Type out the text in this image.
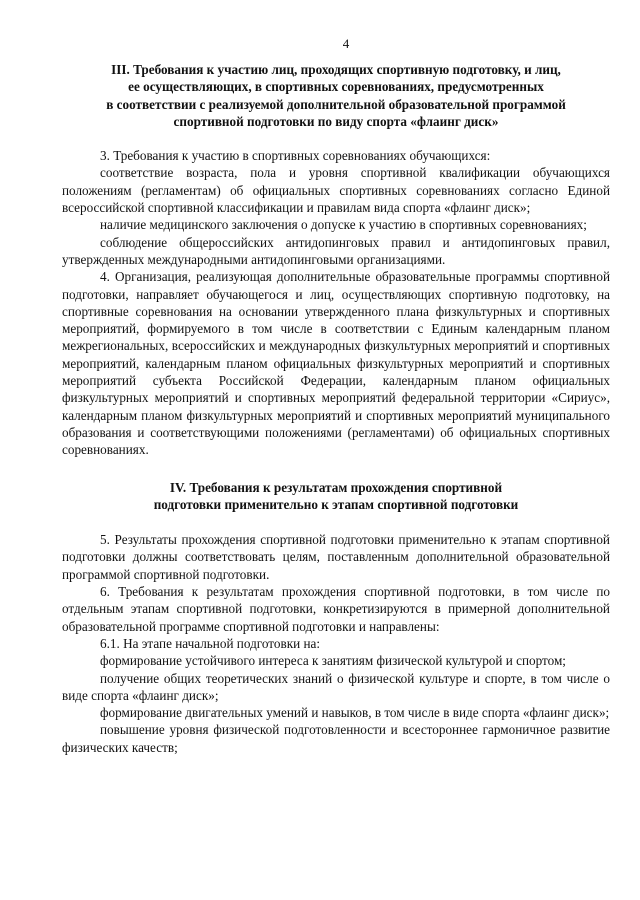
4
III. Требования к участию лиц, проходящих спортивную подготовку, и лиц,
ее осуществляющих, в спортивных соревнованиях, предусмотренных
в соответствии с реализуемой дополнительной образовательной программой
спортивной подготовки по виду спорта «флаинг диск»

3. Требования к участию в спортивных соревнованиях обучающихся:

соответствие возраста, пола и уровня спортивной квалификации обучающихся положениям (регламентам) об официальных спортивных соревнованиях согласно Единой всероссийской спортивной классификации и правилам вида спорта «флаинг диск»;

наличие медицинского заключения о допуске к участию в спортивных соревнованиях;

соблюдение общероссийских антидопинговых правил и антидопинговых правил, утвержденных международными антидопинговыми организациями.

4. Организация, реализующая дополнительные образовательные программы спортивной подготовки, направляет обучающегося и лиц, осуществляющих спортивную подготовку, на спортивные соревнования на основании утвержденного плана физкультурных и спортивных мероприятий, формируемого в том числе в соответствии с Единым календарным планом межрегиональных, всероссийских и международных физкультурных мероприятий и спортивных мероприятий, календарным планом официальных физкультурных мероприятий и спортивных мероприятий субъекта Российской Федерации, календарным планом официальных физкультурных мероприятий и спортивных мероприятий федеральной территории «Сириус», календарным планом физкультурных мероприятий и спортивных мероприятий муниципального образования и соответствующими положениями (регламентами) об официальных спортивных соревнованиях.

IV. Требования к результатам прохождения спортивной
подготовки применительно к этапам спортивной подготовки

5. Результаты прохождения спортивной подготовки применительно к этапам спортивной подготовки должны соответствовать целям, поставленным дополнительной образовательной программой спортивной подготовки.

6. Требования к результатам прохождения спортивной подготовки, в том числе по отдельным этапам спортивной подготовки, конкретизируются в примерной дополнительной образовательной программе спортивной подготовки и направлены:

6.1. На этапе начальной подготовки на:

формирование устойчивого интереса к занятиям физической культурой и спортом;

получение общих теоретических знаний о физической культуре и спорте, в том числе о виде спорта «флаинг диск»;

формирование двигательных умений и навыков, в том числе в виде спорта «флаинг диск»;

повышение уровня физической подготовленности и всестороннее гармоничное развитие физических качеств;
